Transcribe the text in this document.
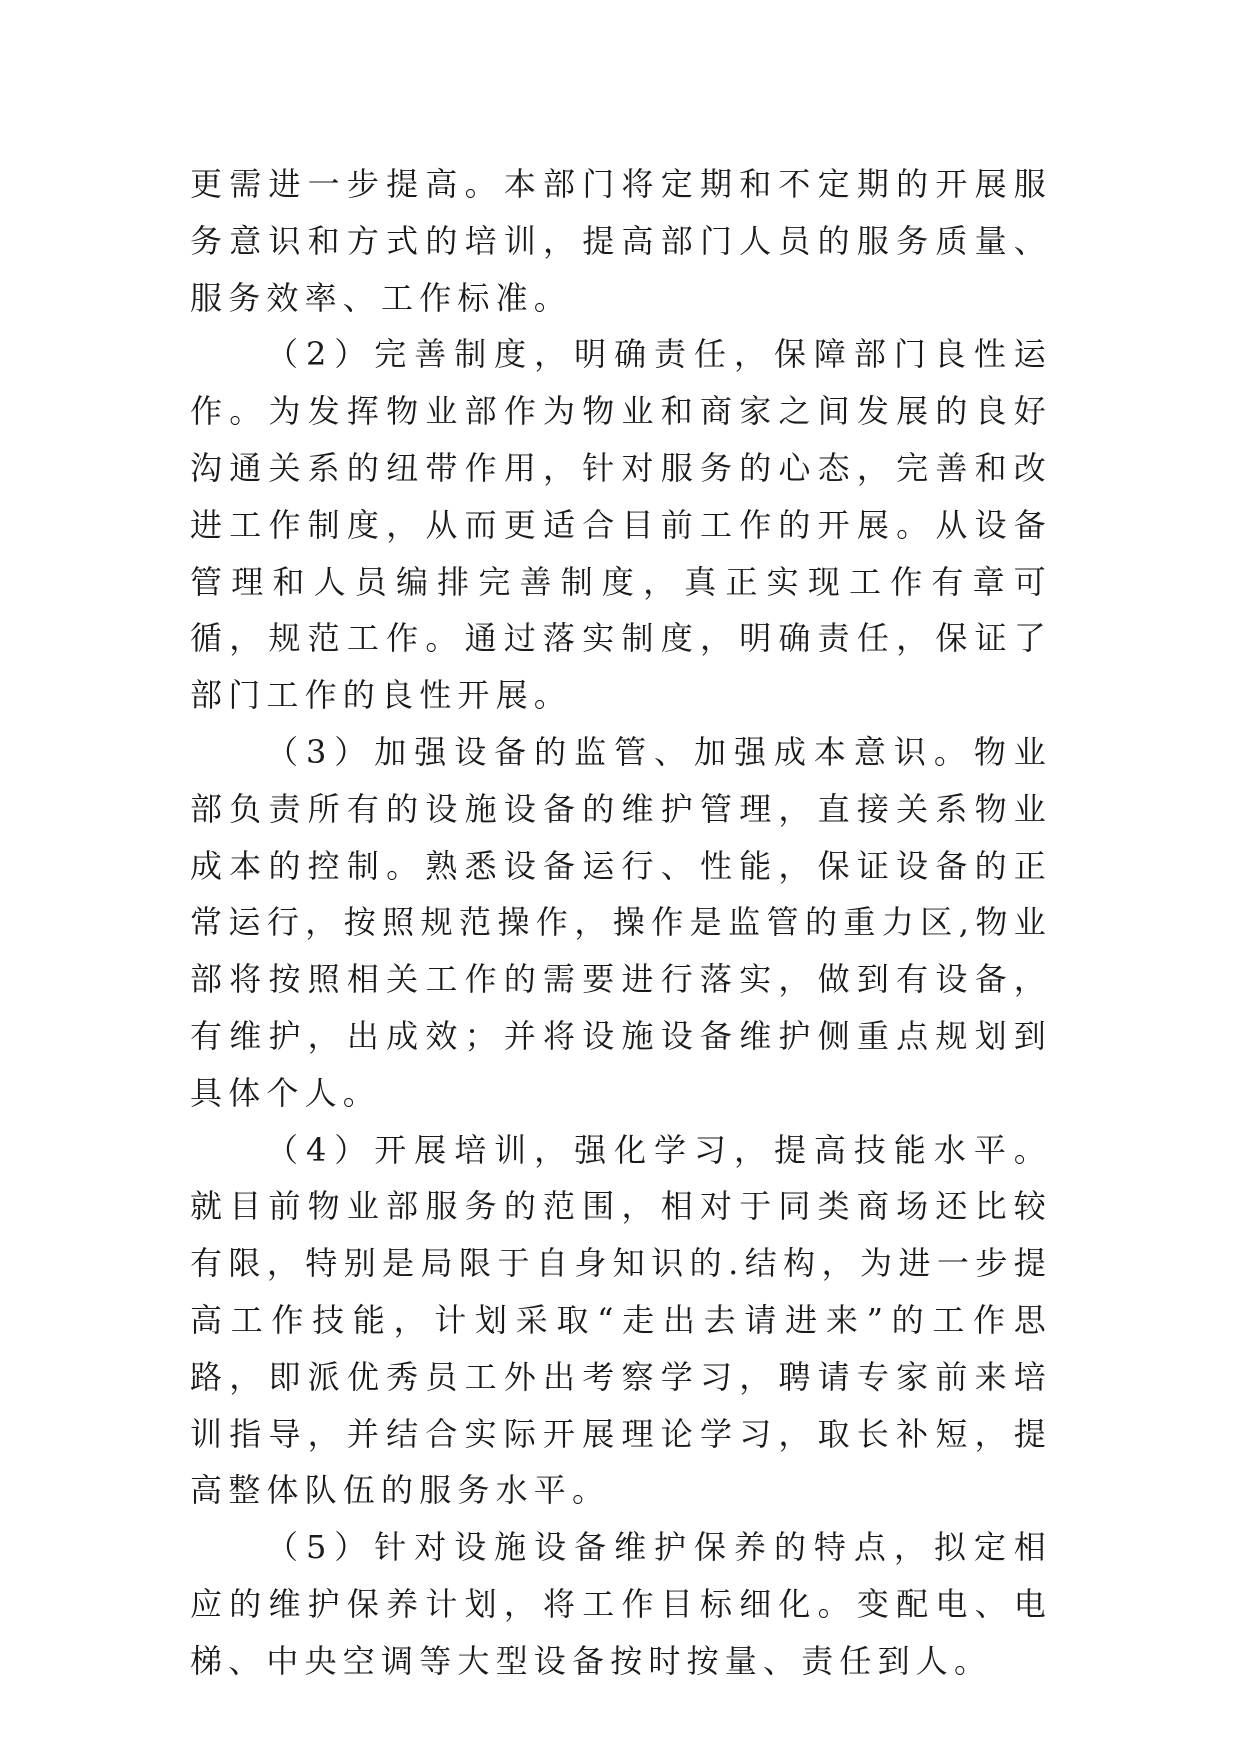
更需进一步提高。本部门将定期和不定期的开展服务意识和方式的培训，提高部门人员的服务质量、服务效率、工作标准。

（2）完善制度，明确责任，保障部门良性运作。为发挥物业部作为物业和商家之间发展的良好沟通关系的纽带作用，针对服务的心态，完善和改进工作制度，从而更适合目前工作的开展。从设备管理和人员编排完善制度，真正实现工作有章可循，规范工作。通过落实制度，明确责任，保证了部门工作的良性开展。

（3）加强设备的监管、加强成本意识。物业部负责所有的设施设备的维护管理，直接关系物业成本的控制。熟悉设备运行、性能，保证设备的正常运行，按照规范操作，操作是监管的重力区,物业部将按照相关工作的需要进行落实，做到有设备，有维护，出成效；并将设施设备维护侧重点规划到具体个人。

（4）开展培训，强化学习，提高技能水平。就目前物业部服务的范围，相对于同类商场还比较有限，特别是局限于自身知识的.结构，为进一步提高工作技能，计划采取“走出去请进来”的工作思路，即派优秀员工外出考察学习，聘请专家前来培训指导，并结合实际开展理论学习，取长补短，提高整体队伍的服务水平。

（5）针对设施设备维护保养的特点，拟定相应的维护保养计划，将工作目标细化。变配电、电梯、中央空调等大型设备按时按量、责任到人。
